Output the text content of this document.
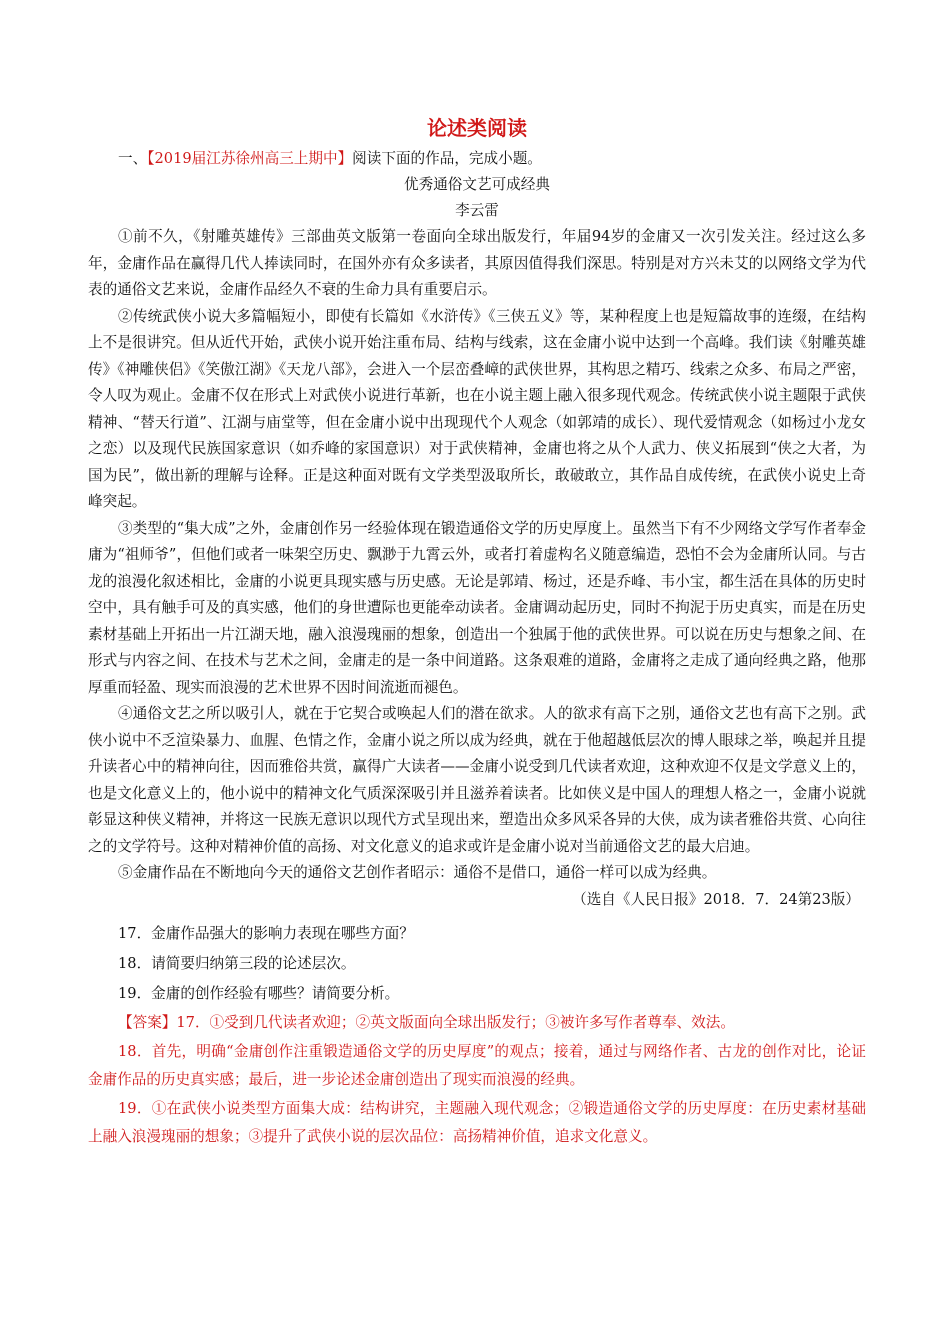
论述类阅读
一、【2019届江苏徐州高三上期中】阅读下面的作品，完成小题。
优秀通俗文艺可成经典
李云雷

①前不久，《射雕英雄传》三部曲英文版第一卷面向全球出版发行，年届94岁的金庸又一次引发关注。经过这么多年，金庸作品在赢得几代人捧读同时，在国外亦有众多读者，其原因值得我们深思。特别是对方兴未艾的以网络文学为代表的通俗文艺来说，金庸作品经久不衰的生命力具有重要启示。

②传统武侠小说大多篇幅短小，即使有长篇如《水浒传》《三侠五义》等，某种程度上也是短篇故事的连缀，在结构上不是很讲究。但从近代开始，武侠小说开始注重布局、结构与线索，这在金庸小说中达到一个高峰。我们读《射雕英雄传》《神雕侠侣》《笑傲江湖》《天龙八部》，会进入一个层峦叠嶂的武侠世界，其构思之精巧、线索之众多、布局之严密，令人叹为观止。金庸不仅在形式上对武侠小说进行革新，也在小说主题上融入很多现代观念。传统武侠小说主题限于武侠精神、“替天行道”、江湖与庙堂等，但在金庸小说中出现现代个人观念（如郭靖的成长）、现代爱情观念（如杨过小龙女之恋）以及现代民族国家意识（如乔峰的家国意识）对于武侠精神，金庸也将之从个人武力、侠义拓展到“侠之大者，为国为民”，做出新的理解与诠释。正是这种面对既有文学类型汲取所长，敢破敢立，其作品自成传统，在武侠小说史上奇峰突起。

③类型的“集大成”之外，金庸创作另一经验体现在锻造通俗文学的历史厚度上。虽然当下有不少网络文学写作者奉金庸为“祖师爷”，但他们或者一味架空历史、飘渺于九霄云外，或者打着虚构名义随意编造，恐怕不会为金庸所认同。与古龙的浪漫化叙述相比，金庸的小说更具现实感与历史感。无论是郭靖、杨过，还是乔峰、韦小宝，都生活在具体的历史时空中，具有触手可及的真实感，他们的身世遭际也更能牵动读者。金庸调动起历史，同时不拘泥于历史真实，而是在历史素材基础上开拓出一片江湖天地，融入浪漫瑰丽的想象，创造出一个独属于他的武侠世界。可以说在历史与想象之间、在形式与内容之间、在技术与艺术之间，金庸走的是一条中间道路。这条艰难的道路，金庸将之走成了通向经典之路，他那厚重而轻盈、现实而浪漫的艺术世界不因时间流逝而褪色。

④通俗文艺之所以吸引人，就在于它契合或唤起人们的潜在欲求。人的欲求有高下之别，通俗文艺也有高下之别。武侠小说中不乏渲染暴力、血腥、色情之作，金庸小说之所以成为经典，就在于他超越低层次的博人眼球之举，唤起并且提升读者心中的精神向往，因而雅俗共赏，赢得广大读者——金庸小说受到几代读者欢迎，这种欢迎不仅是文学意义上的，也是文化意义上的，他小说中的精神文化气质深深吸引并且滋养着读者。比如侠义是中国人的理想人格之一，金庸小说就彰显这种侠义精神，并将这一民族无意识以现代方式呈现出来，塑造出众多风采各异的大侠，成为读者雅俗共赏、心向往之的文学符号。这种对精神价值的高扬、对文化意义的追求或许是金庸小说对当前通俗文艺的最大启迪。

⑤金庸作品在不断地向今天的通俗文艺创作者昭示：通俗不是借口，通俗一样可以成为经典。

（选自《人民日报》2018．7．24第23版）
17．金庸作品强大的影响力表现在哪些方面？
18．请简要归纳第三段的论述层次。
19．金庸的创作经验有哪些？请简要分析。

【答案】17．①受到几代读者欢迎；②英文版面向全球出版发行；③被许多写作者尊奉、效法。

18．首先，明确“金庸创作注重锻造通俗文学的历史厚度”的观点；接着，通过与网络作者、古龙的创作对比，论证金庸作品的历史真实感；最后，进一步论述金庸创造出了现实而浪漫的经典。

19．①在武侠小说类型方面集大成：结构讲究，主题融入现代观念；②锻造通俗文学的历史厚度：在历史素材基础上融入浪漫瑰丽的想象；③提升了武侠小说的层次品位：高扬精神价值，追求文化意义。
